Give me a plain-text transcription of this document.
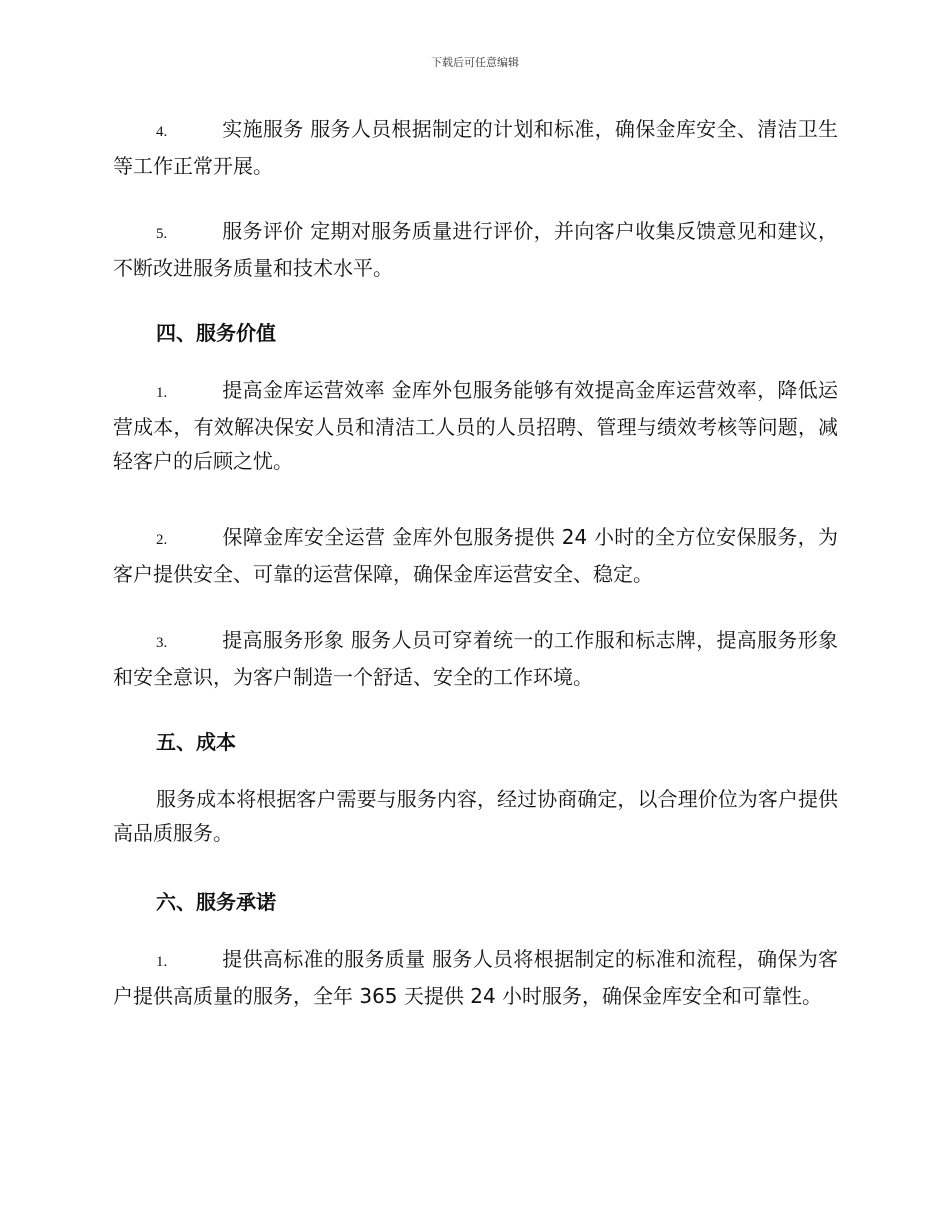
下载后可任意编辑

4.	实施服务 服务人员根据制定的计划和标准，确保金库安全、清洁卫生等工作正常开展。

5.	服务评价 定期对服务质量进行评价，并向客户收集反馈意见和建议，不断改进服务质量和技术水平。

四、服务价值

1.	提高金库运营效率 金库外包服务能够有效提高金库运营效率，降低运营成本，有效解决保安人员和清洁工人员的人员招聘、管理与绩效考核等问题，减轻客户的后顾之忧。

2.	保障金库安全运营 金库外包服务提供 24 小时的全方位安保服务，为客户提供安全、可靠的运营保障，确保金库运营安全、稳定。

3.	提高服务形象 服务人员可穿着统一的工作服和标志牌，提高服务形象和安全意识，为客户制造一个舒适、安全的工作环境。

五、成本

服务成本将根据客户需要与服务内容，经过协商确定，以合理价位为客户提供高品质服务。

六、服务承诺

1.	提供高标准的服务质量 服务人员将根据制定的标准和流程，确保为客户提供高质量的服务，全年 365 天提供 24 小时服务，确保金库安全和可靠性。
